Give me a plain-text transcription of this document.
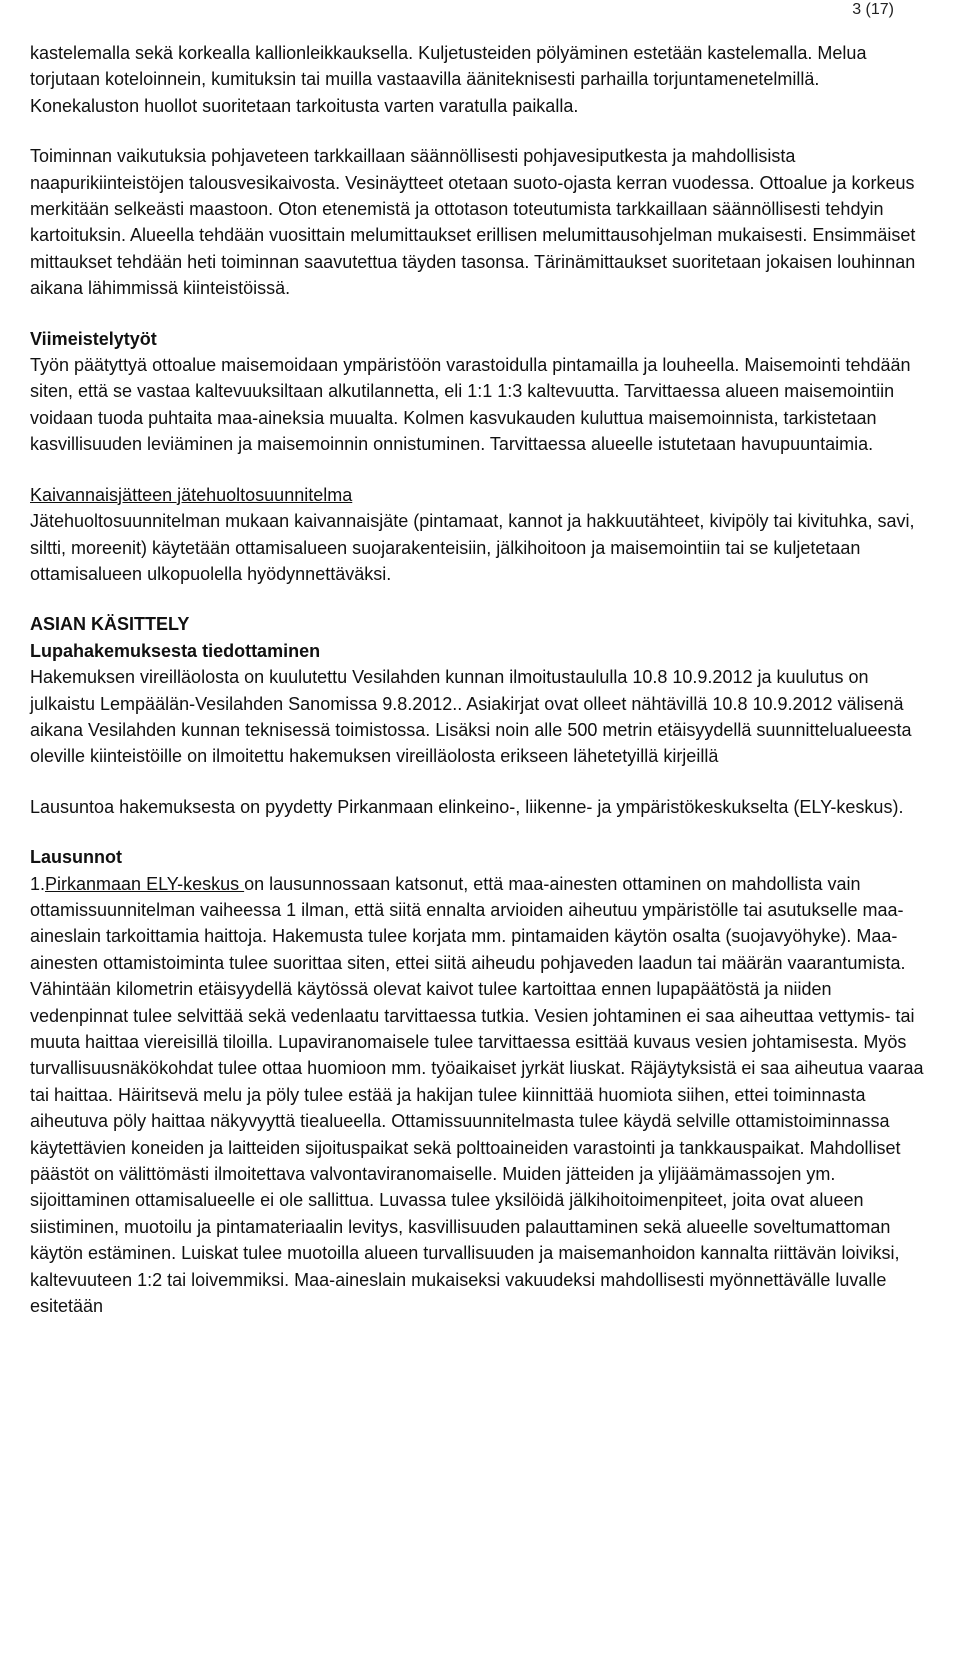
3 (17)

kastelemalla sekä korkealla kallionleikkauksella. Kuljetusteiden pölyäminen estetään kastelemalla. Melua torjutaan koteloinnein, kumituksin tai muilla vastaavilla ääniteknisesti parhailla torjuntamenetelmillä. Konekaluston huollot suoritetaan tarkoitusta varten varatulla paikalla.

Toiminnan vaikutuksia pohjaveteen tarkkaillaan säännöllisesti pohjavesiputkesta ja mahdollisista naapurikiinteistöjen talousvesikaivosta. Vesinäytteet otetaan suoto-ojasta kerran vuodessa. Ottoalue ja korkeus merkitään selkeästi maastoon. Oton etenemistä ja ottotason toteutumista tarkkaillaan säännöllisesti tehdyin kartoituksin. Alueella tehdään vuosittain melumittaukset erillisen melumittausohjelman mukaisesti. Ensimmäiset mittaukset tehdään heti toiminnan saavutettua täyden tasonsa. Tärinämittaukset suoritetaan jokaisen louhinnan aikana lähimmissä kiinteistöissä.

Viimeistelytyöt
Työn päätyttyä ottoalue maisemoidaan ympäristöön varastoidulla pintamailla ja louheella. Maisemointi tehdään siten, että se vastaa kaltevuuksiltaan alkutilannetta, eli 1:1 1:3 kaltevuutta. Tarvittaessa alueen maisemointiin voidaan tuoda puhtaita maa-aineksia muualta. Kolmen kasvukauden kuluttua maisemoinnista, tarkistetaan kasvillisuuden leviäminen ja maisemoinnin onnistuminen. Tarvittaessa alueelle istutetaan havupuuntaimia.
Kaivannaisjätteen jätehuoltosuunnitelma
Jätehuoltosuunnitelman mukaan kaivannaisjäte (pintamaat, kannot ja hakkuutähteet, kivipöly tai kivituhka, savi, siltti, moreenit) käytetään ottamisalueen suojarakenteisiin, jälkihoitoon ja maisemointiin tai se kuljetetaan ottamisalueen ulkopuolella hyödynnettäväksi.
ASIAN KÄSITTELY
Lupahakemuksesta tiedottaminen
Hakemuksen vireilläolosta on kuulutettu Vesilahden kunnan ilmoitustaululla 10.8 10.9.2012 ja kuulutus on julkaistu Lempäälän-Vesilahden Sanomissa 9.8.2012.. Asiakirjat ovat olleet nähtävillä 10.8 10.9.2012 välisenä aikana Vesilahden kunnan teknisessä toimistossa. Lisäksi noin alle 500 metrin etäisyydellä suunnittelualueesta oleville kiinteistöille on ilmoitettu hakemuksen vireilläolosta erikseen lähetetyillä kirjeillä

Lausuntoa hakemuksesta on pyydetty Pirkanmaan elinkeino-, liikenne- ja ympäristökeskukselta (ELY-keskus).

Lausunnot
1.Pirkanmaan ELY-keskus on lausunnossaan katsonut, että maa-ainesten ottaminen on mahdollista vain ottamissuunnitelman vaiheessa 1 ilman, että siitä ennalta arvioiden aiheutuu ympäristölle tai asutukselle maa-aineslain tarkoittamia haittoja. Hakemusta tulee korjata mm. pintamaiden käytön osalta (suojavyöhyke). Maa-ainesten ottamistoiminta tulee suorittaa siten, ettei siitä aiheudu pohjaveden laadun tai määrän vaarantumista. Vähintään kilometrin etäisyydellä käytössä olevat kaivot tulee kartoittaa ennen lupapäätöstä ja niiden vedenpinnat tulee selvittää sekä vedenlaatu tarvittaessa tutkia. Vesien johtaminen ei saa aiheuttaa vettymis- tai muuta haittaa viereisillä tiloilla. Lupaviranomaisele tulee tarvittaessa esittää kuvaus vesien johtamisesta. Myös turvallisuusnäkökohdat tulee ottaa huomioon mm. työaikaiset jyrkät liuskat. Räjäytyksistä ei saa aiheutua vaaraa tai haittaa. Häiritsevä melu ja pöly tulee estää ja hakijan tulee kiinnittää huomiota siihen, ettei toiminnasta aiheutuva pöly haittaa näkyvyyttä tiealueella. Ottamissuunnitelmasta tulee käydä selville ottamistoiminnassa käytettävien koneiden ja laitteiden sijoituspaikat sekä polttoaineiden varastointi ja tankkauspaikat. Mahdolliset päästöt on välittömästi ilmoitettava valvontaviranomaiselle. Muiden jätteiden ja ylijäämämassojen ym. sijoittaminen ottamisalueelle ei ole sallittua. Luvassa tulee yksilöidä jälkihoitoimenpiteet, joita ovat alueen siistiminen, muotoilu ja pintamateriaalin levitys, kasvillisuuden palauttaminen sekä alueelle soveltumattoman käytön estäminen. Luiskat tulee muotoilla alueen turvallisuuden ja maisemanhoidon kannalta riittävän loiviksi, kaltevuuteen 1:2 tai loivemmiksi. Maa-aineslain mukaiseksi vakuudeksi mahdollisesti myönnettävälle luvalle esitetään
